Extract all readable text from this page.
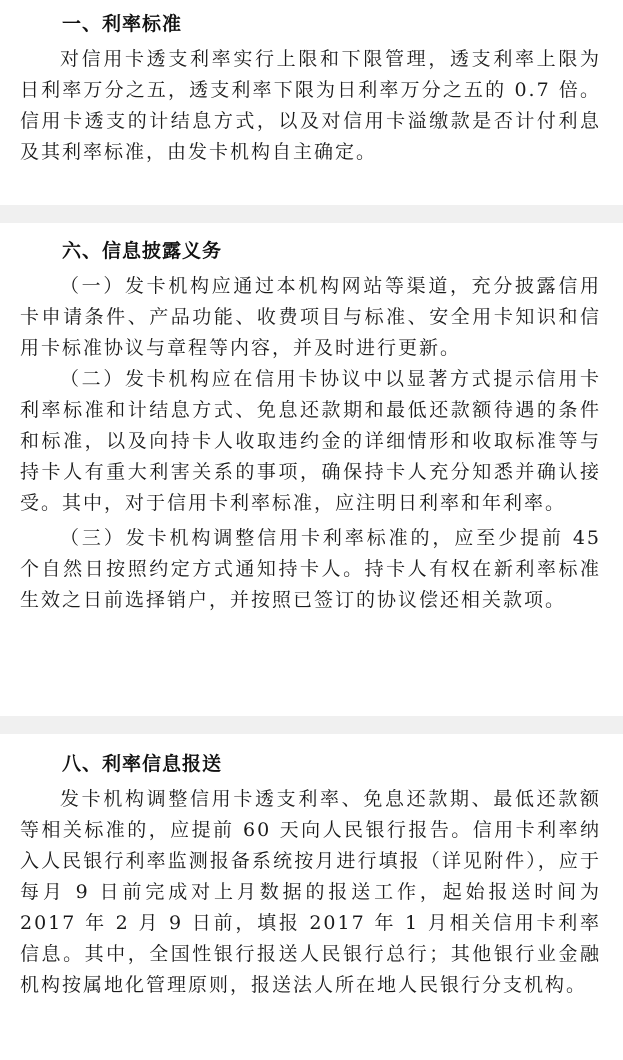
一、利率标准

对信用卡透支利率实行上限和下限管理，透支利率上限为日利率万分之五，透支利率下限为日利率万分之五的 0.7 倍。信用卡透支的计结息方式，以及对信用卡溢缴款是否计付利息及其利率标准，由发卡机构自主确定。

六、信息披露义务

（一）发卡机构应通过本机构网站等渠道，充分披露信用卡申请条件、产品功能、收费项目与标准、安全用卡知识和信用卡标准协议与章程等内容，并及时进行更新。

（二）发卡机构应在信用卡协议中以显著方式提示信用卡利率标准和计结息方式、免息还款期和最低还款额待遇的条件和标准，以及向持卡人收取违约金的详细情形和收取标准等与持卡人有重大利害关系的事项，确保持卡人充分知悉并确认接受。其中，对于信用卡利率标准，应注明日利率和年利率。

（三）发卡机构调整信用卡利率标准的，应至少提前 45 个自然日按照约定方式通知持卡人。持卡人有权在新利率标准生效之日前选择销户，并按照已签订的协议偿还相关款项。

八、利率信息报送

发卡机构调整信用卡透支利率、免息还款期、最低还款额等相关标准的，应提前 60 天向人民银行报告。信用卡利率纳入人民银行利率监测报备系统按月进行填报（详见附件），应于每月 9 日前完成对上月数据的报送工作，起始报送时间为 2017 年 2 月 9 日前，填报 2017 年 1 月相关信用卡利率信息。其中，全国性银行报送人民银行总行；其他银行业金融机构按属地化管理原则，报送法人所在地人民银行分支机构。
